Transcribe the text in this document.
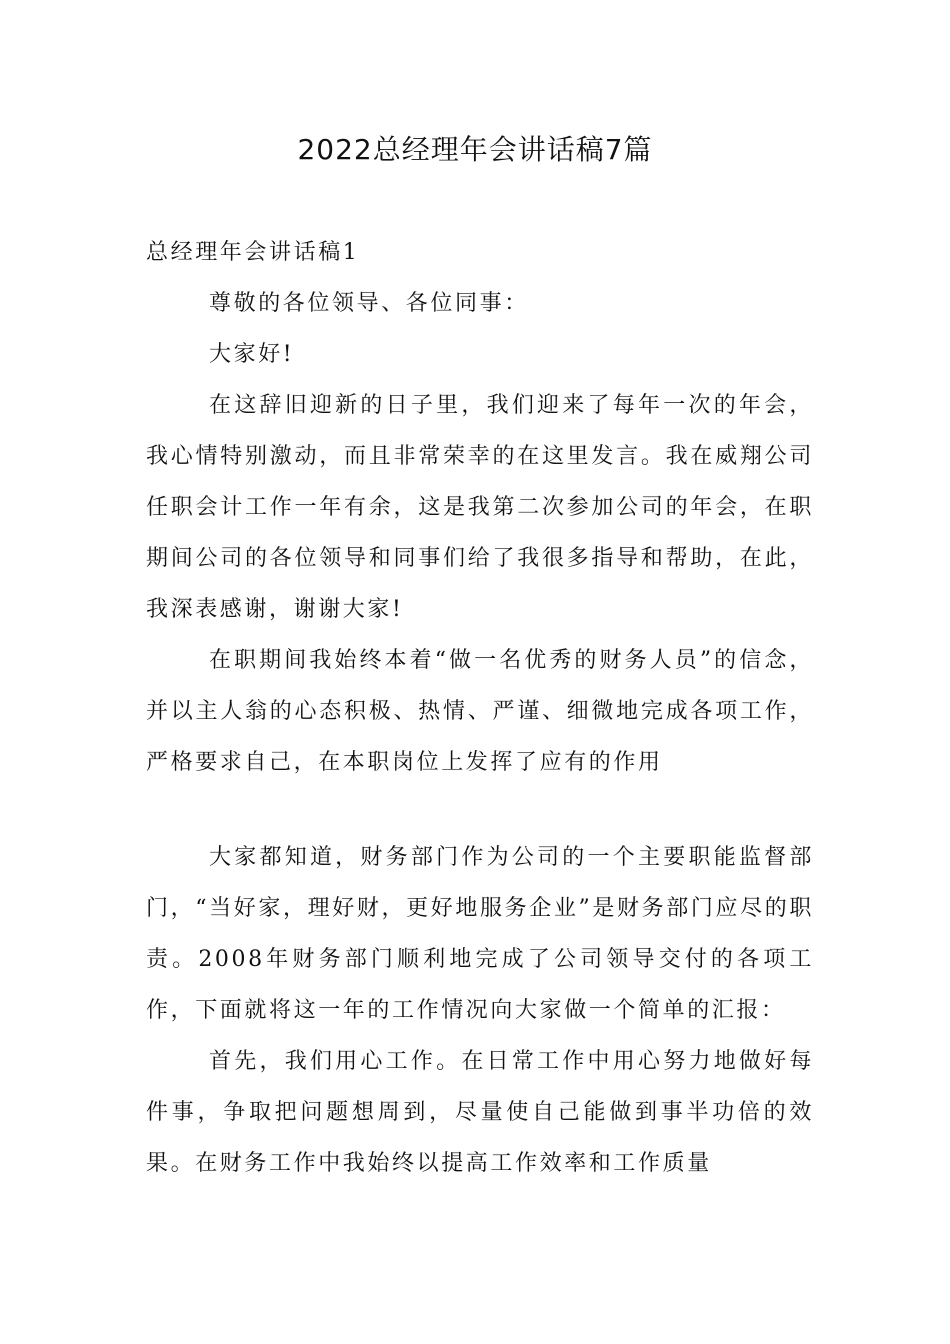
2022总经理年会讲话稿7篇
总经理年会讲话稿1

尊敬的各位领导、各位同事：

大家好!

在这辞旧迎新的日子里，我们迎来了每年一次的年会，我心情特别激动，而且非常荣幸的在这里发言。我在威翔公司任职会计工作一年有余，这是我第二次参加公司的年会，在职期间公司的各位领导和同事们给了我很多指导和帮助，在此，我深表感谢，谢谢大家!

在职期间我始终本着“做一名优秀的财务人员”的信念，并以主人翁的心态积极、热情、严谨、细微地完成各项工作，严格要求自己，在本职岗位上发挥了应有的作用

大家都知道，财务部门作为公司的一个主要职能监督部门，“当好家，理好财，更好地服务企业”是财务部门应尽的职责。2008年财务部门顺利地完成了公司领导交付的各项工作，下面就将这一年的工作情况向大家做一个简单的汇报：

首先，我们用心工作。在日常工作中用心努力地做好每件事，争取把问题想周到，尽量使自己能做到事半功倍的效果。在财务工作中我始终以提高工作效率和工作质量
